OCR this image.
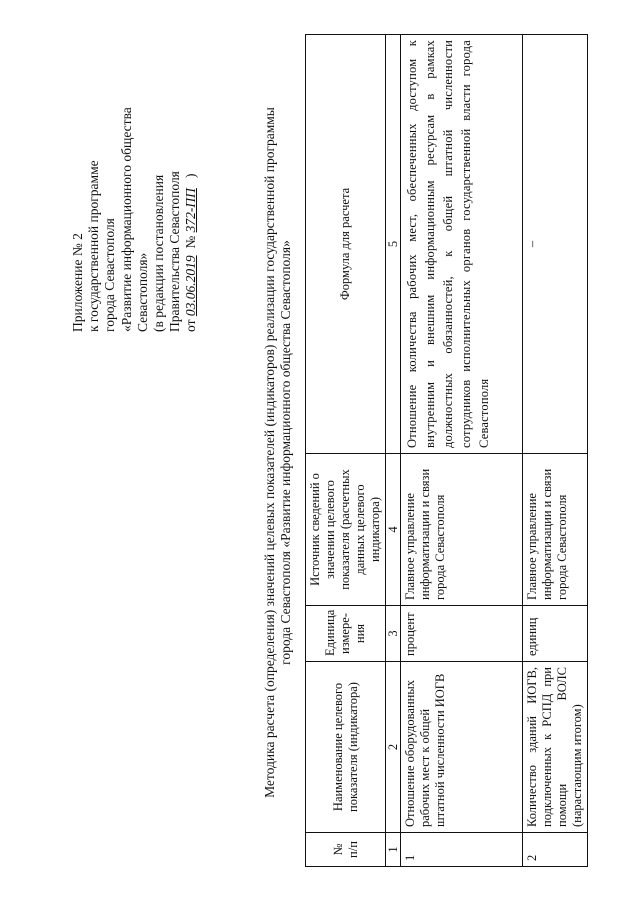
Приложение № 2 к государственной программе города Севастополя «Развитие информационного общества Севастополя» (в редакции постановления Правительства Севастополя от 03.06.2019  № 372-ПП   )	Методика расчета (определения) значений целевых показателей (индикаторов) реализации государственной программы города Севастополя «Развитие информационного общества Севастополя»
№ п/п	Наименование целевого показателя (индикатора)	Единица измере-ния	Источник сведений о значении целевого показателя (расчетных данных целевого индикатора)	Формула для расчета
1	2	3	4	5
1	Отношение оборудованных рабочих мест к общей штатной численности ИОГВ	процент	Главное управление информатизации и связи города Севастополя	Отношение количества рабочих мест, обеспеченных доступом к внутренним и внешним информационным ресурсам в рамках должностных обязанностей, к общей штатной численности сотрудников исполнительных органов государственной власти города Севастополя
2	Количество зданий ИОГВ, подключенных к РСПД при помощи ВОЛС (нарастающим итогом)	единиц	Главное управление информатизации и связи города Севастополя	–
